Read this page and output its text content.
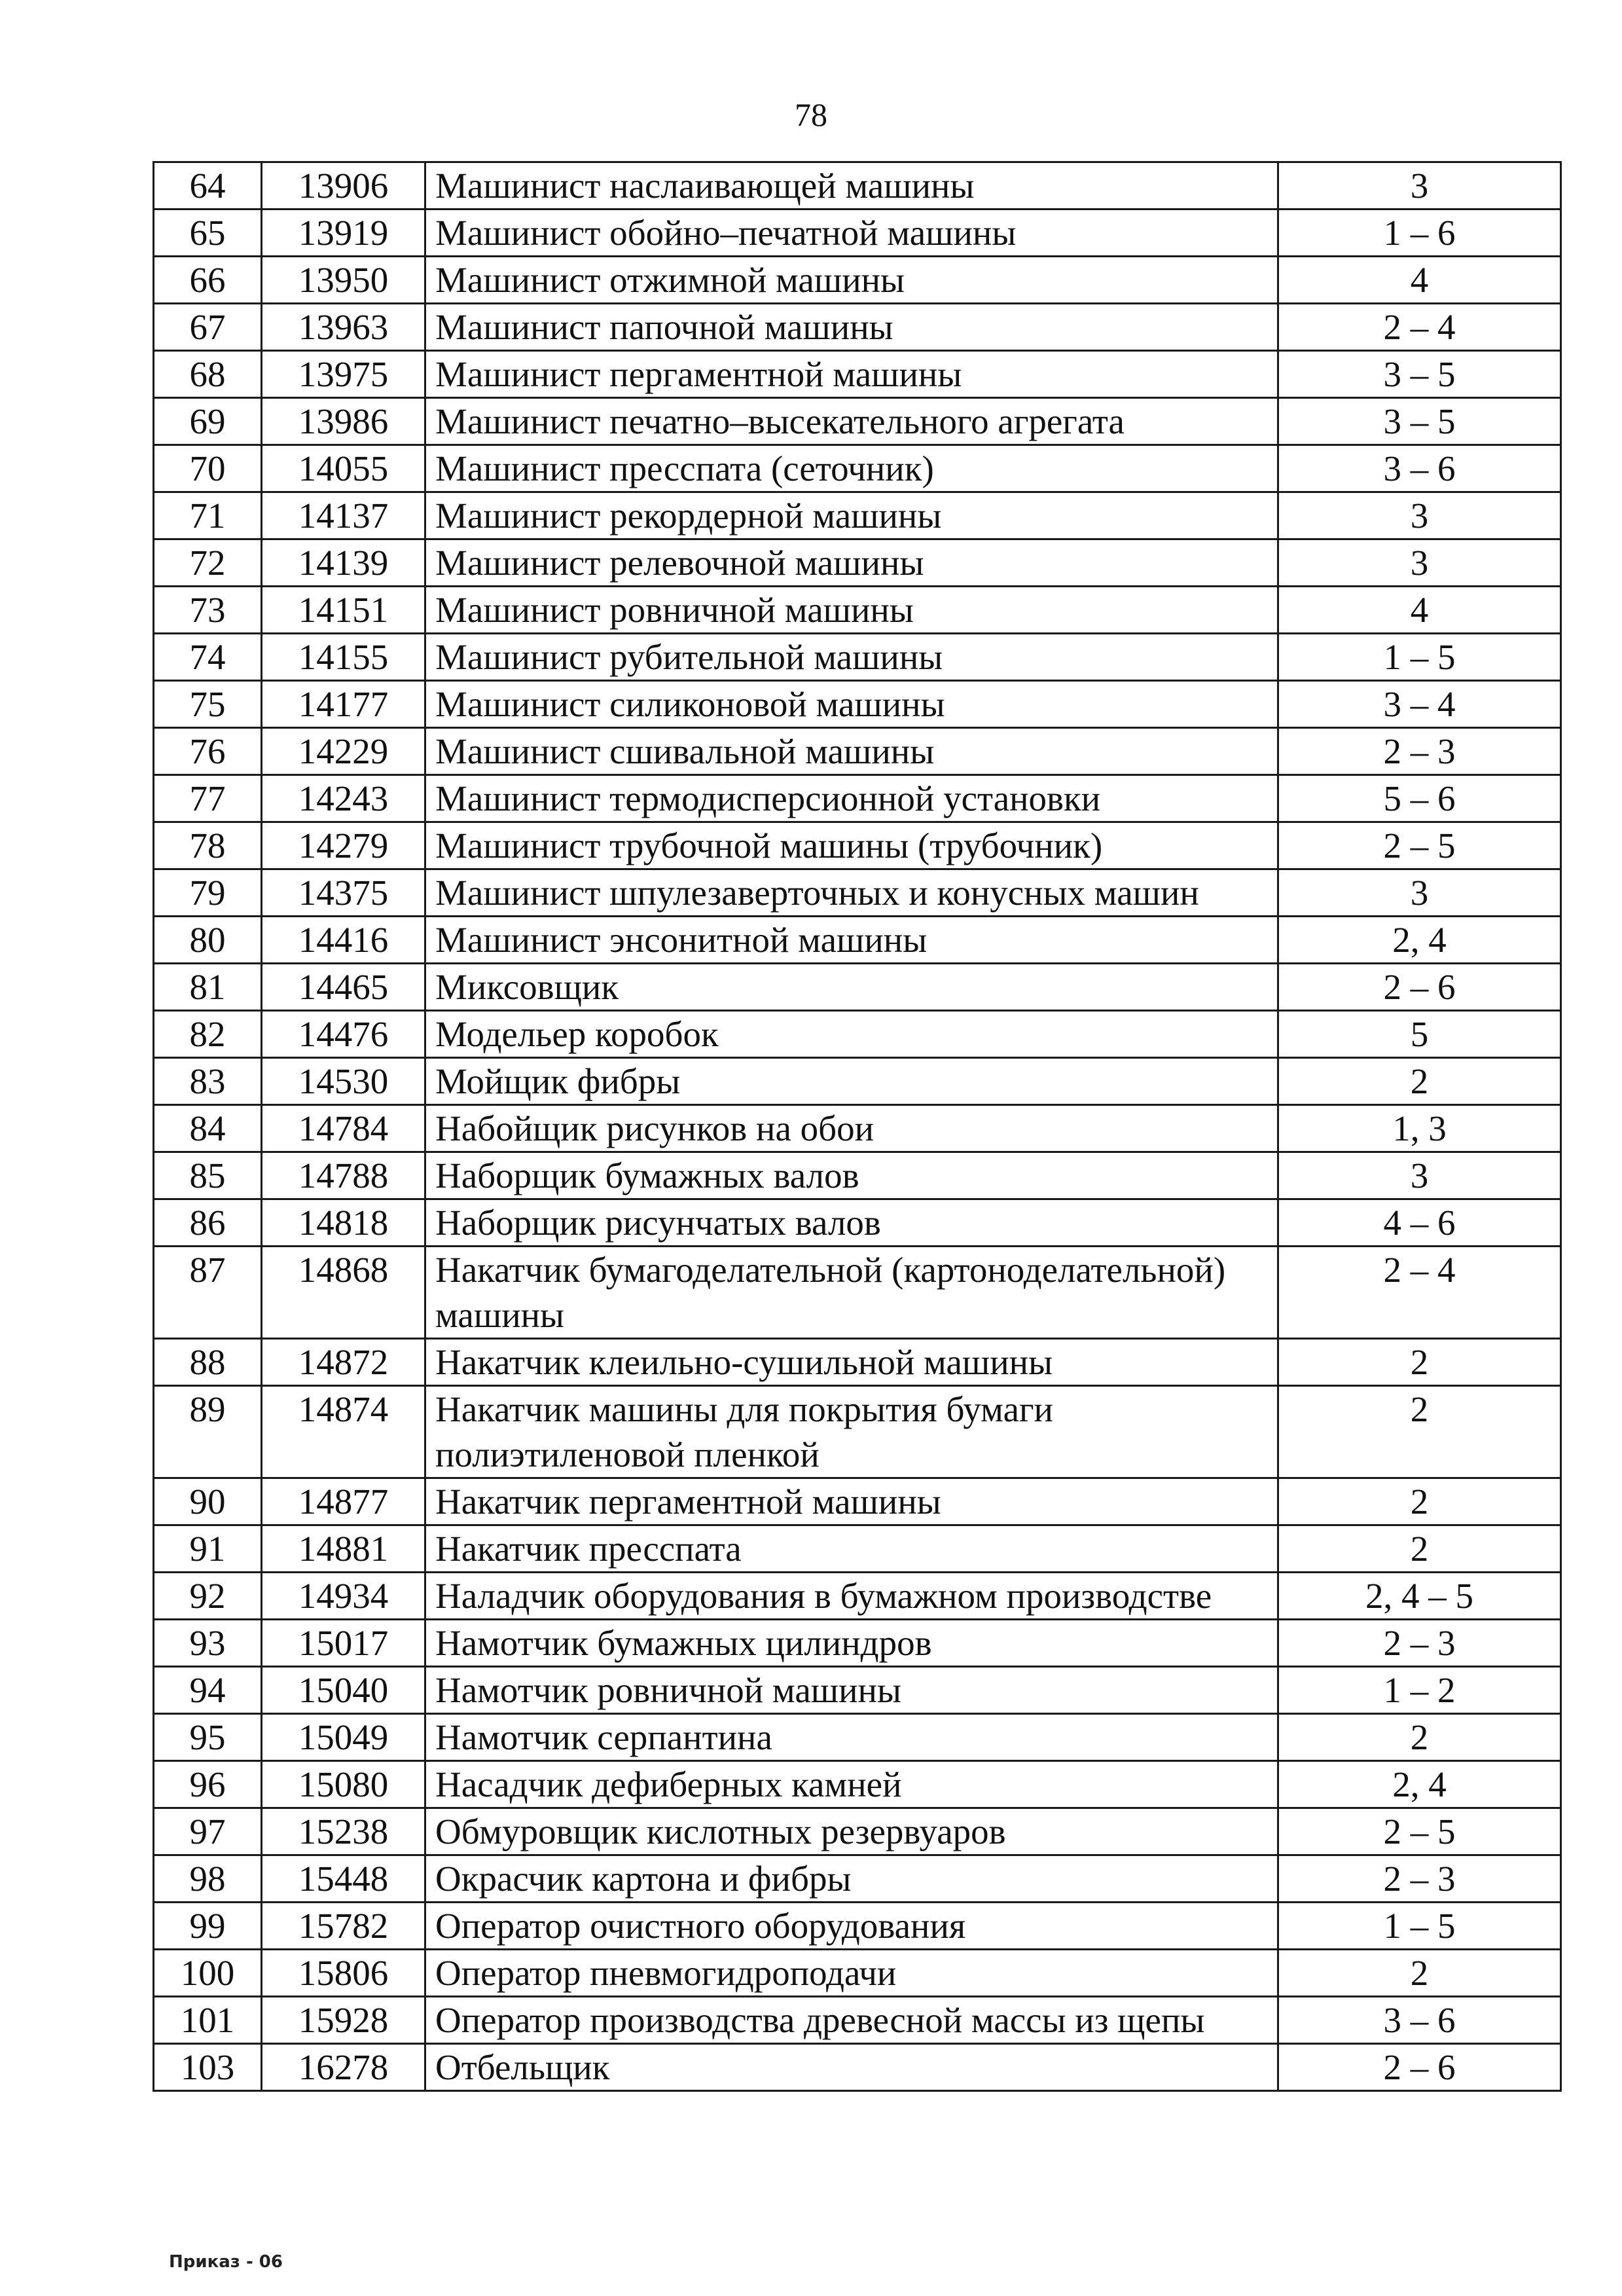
78
64	13906	Машинист наслаивающей машины	3
65	13919	Машинист обойно–печатной машины	1 – 6
66	13950	Машинист отжимной машины	4
67	13963	Машинист папочной машины	2 – 4
68	13975	Машинист пергаментной машины	3 – 5
69	13986	Машинист печатно–высекательного агрегата	3 – 5
70	14055	Машинист пресспата (сеточник)	3 – 6
71	14137	Машинист рекордерной машины	3
72	14139	Машинист релевочной машины	3
73	14151	Машинист ровничной машины	4
74	14155	Машинист рубительной машины	1 – 5
75	14177	Машинист силиконовой машины	3 – 4
76	14229	Машинист сшивальной машины	2 – 3
77	14243	Машинист термодисперсионной установки	5 – 6
78	14279	Машинист трубочной машины (трубочник)	2 – 5
79	14375	Машинист шпулезаверточных и конусных машин	3
80	14416	Машинист энсонитной машины	2, 4
81	14465	Миксовщик	2 – 6
82	14476	Модельер коробок	5
83	14530	Мойщик фибры	2
84	14784	Набойщик рисунков на обои	1, 3
85	14788	Наборщик бумажных валов	3
86	14818	Наборщик рисунчатых валов	4 – 6
87	14868	Накатчик бумагоделательной (картоноделательной) машины	2 – 4
88	14872	Накатчик клеильно-сушильной машины	2
89	14874	Накатчик машины для покрытия бумаги полиэтиленовой пленкой	2
90	14877	Накатчик пергаментной машины	2
91	14881	Накатчик пресспата	2
92	14934	Наладчик оборудования в бумажном производстве	2, 4 – 5
93	15017	Намотчик бумажных цилиндров	2 – 3
94	15040	Намотчик ровничной машины	1 – 2
95	15049	Намотчик серпантина	2
96	15080	Насадчик дефиберных камней	2, 4
97	15238	Обмуровщик кислотных резервуаров	2 – 5
98	15448	Окрасчик картона и фибры	2 – 3
99	15782	Оператор очистного оборудования	1 – 5
100	15806	Оператор пневмогидроподачи	2
101	15928	Оператор производства древесной массы из щепы	3 – 6
103	16278	Отбельщик	2 – 6
Приказ - 06
